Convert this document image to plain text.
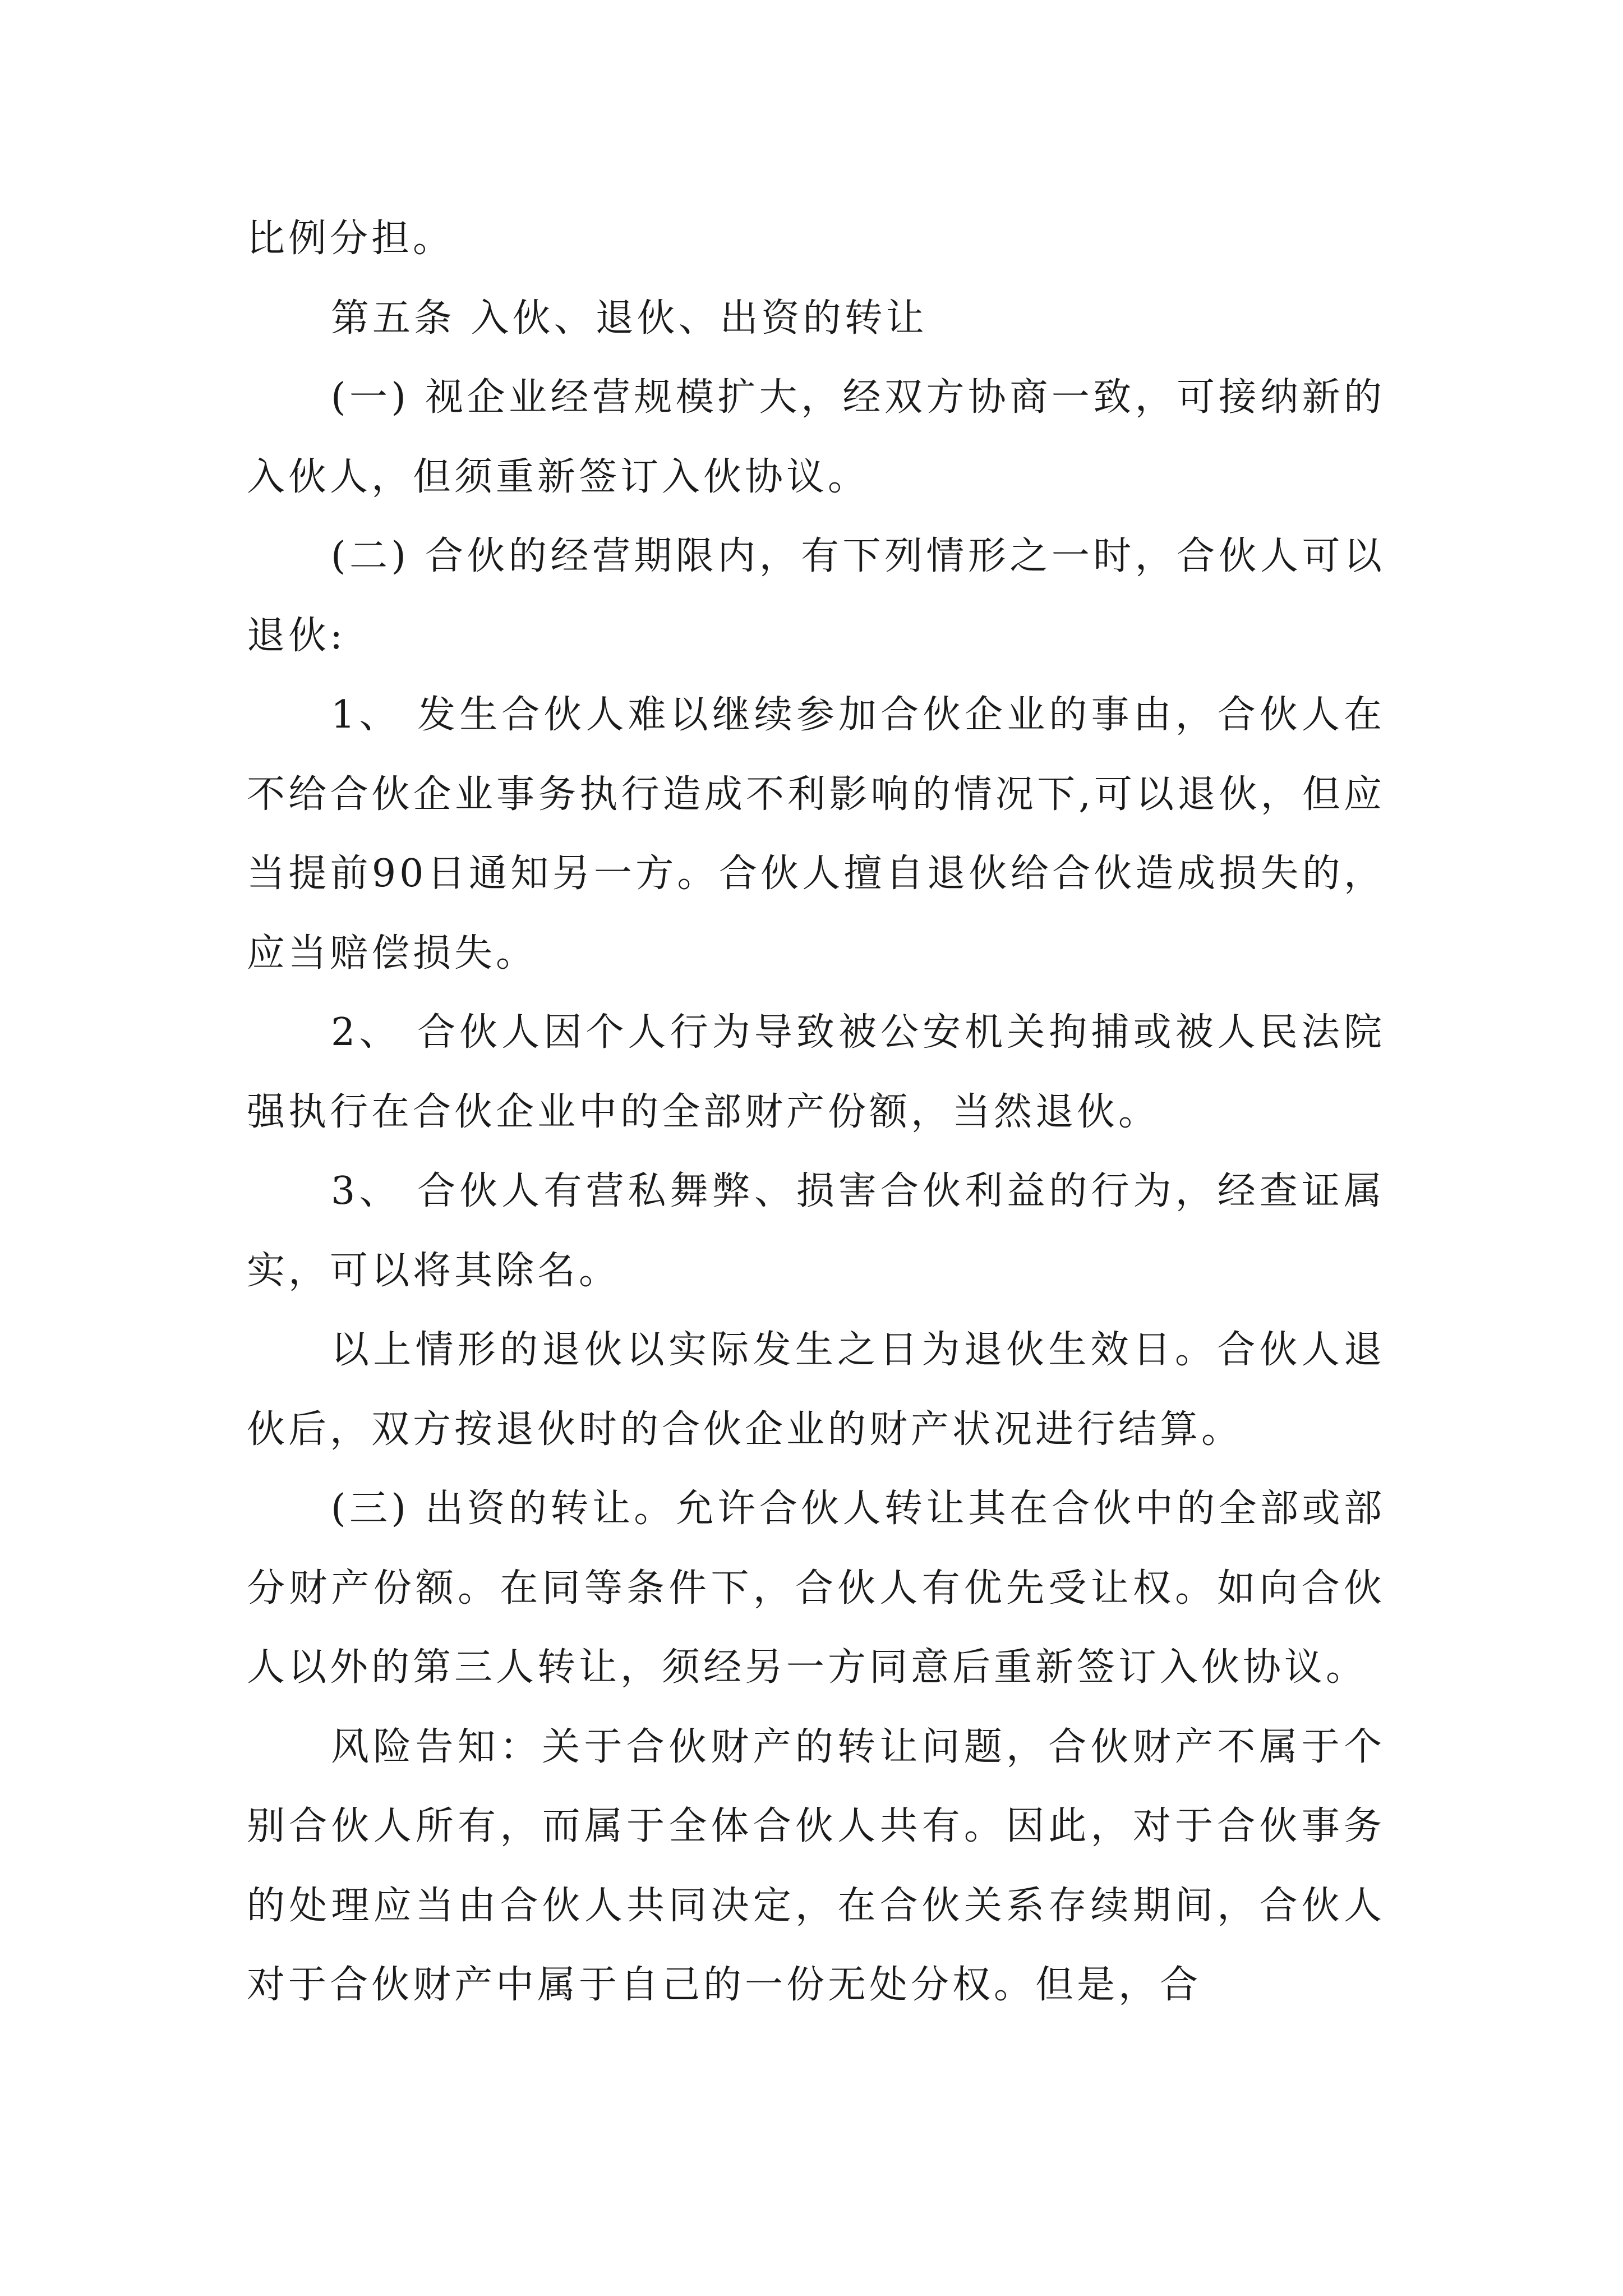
比例分担。

第五条 入伙、退伙、出资的转让

(一) 视企业经营规模扩大，经双方协商一致，可接纳新的入伙人，但须重新签订入伙协议。

(二) 合伙的经营期限内，有下列情形之一时，合伙人可以退伙:

1、 发生合伙人难以继续参加合伙企业的事由，合伙人在不给合伙企业事务执行造成不利影响的情况下,可以退伙，但应当提前90日通知另一方。合伙人擅自退伙给合伙造成损失的，应当赔偿损失。

2、 合伙人因个人行为导致被公安机关拘捕或被人民法院强执行在合伙企业中的全部财产份额，当然退伙。

3、 合伙人有营私舞弊、损害合伙利益的行为，经查证属实，可以将其除名。

以上情形的退伙以实际发生之日为退伙生效日。合伙人退伙后，双方按退伙时的合伙企业的财产状况进行结算。

(三) 出资的转让。允许合伙人转让其在合伙中的全部或部分财产份额。在同等条件下，合伙人有优先受让权。如向合伙人以外的第三人转让，须经另一方同意后重新签订入伙协议。

风险告知：关于合伙财产的转让问题，合伙财产不属于个别合伙人所有，而属于全体合伙人共有。因此，对于合伙事务的处理应当由合伙人共同决定，在合伙关系存续期间，合伙人对于合伙财产中属于自己的一份无处分权。但是，合
